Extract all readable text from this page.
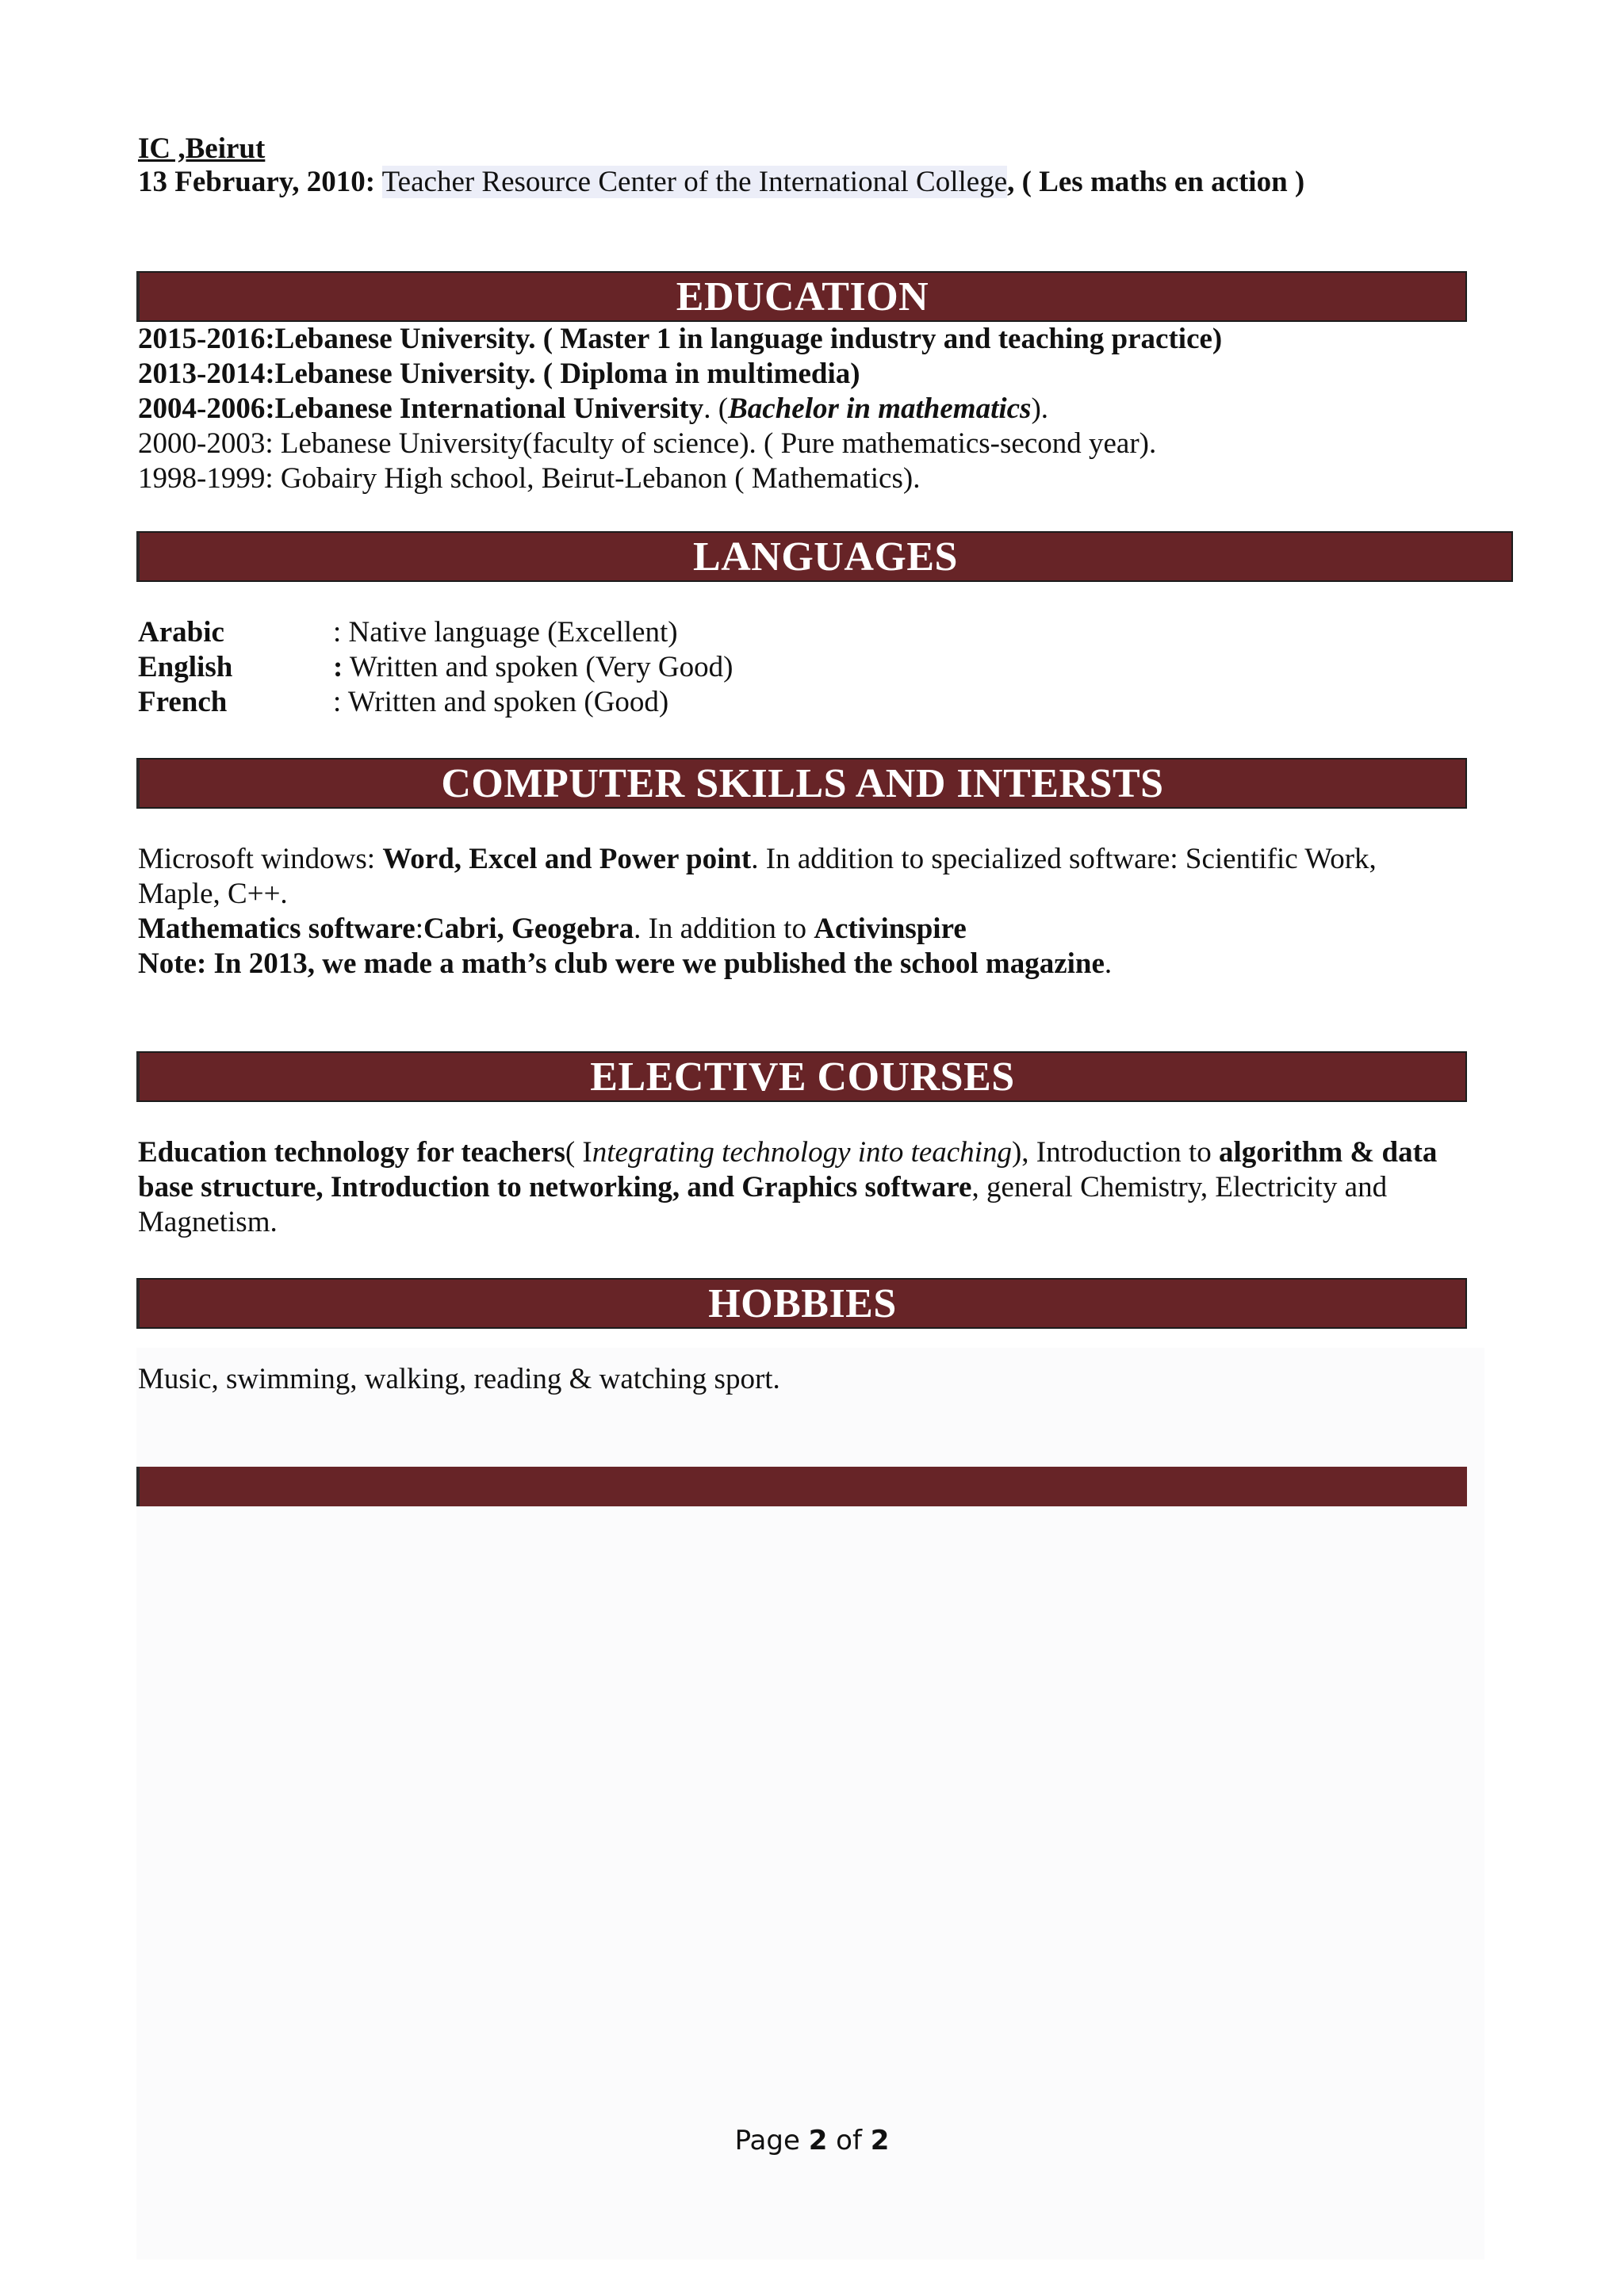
IC ,Beirut
13 February, 2010: Teacher Resource Center of the International College, ( Les maths en action )
EDUCATION
2015-2016:Lebanese University. ( Master 1 in language industry and teaching practice)
2013-2014:Lebanese University. ( Diploma in multimedia)
2004-2006:Lebanese International University. (Bachelor in mathematics).
2000-2003: Lebanese University(faculty of science). ( Pure mathematics-second year).
1998-1999: Gobairy High school, Beirut-Lebanon ( Mathematics).
LANGUAGES
Arabic	: Native language (Excellent)
English	: Written and spoken (Very Good)
French	: Written and spoken (Good)
COMPUTER SKILLS AND INTERSTS
Microsoft windows: Word, Excel and Power point. In addition to specialized software: Scientific Work,
Maple, C++.
Mathematics software:Cabri, Geogebra. In addition to Activinspire
Note: In 2013, we made a math’s club were we published the school magazine.
ELECTIVE COURSES
Education technology for teachers( Integrating technology into teaching), Introduction to algorithm & data
base structure, Introduction to networking, and Graphics software, general Chemistry, Electricity and
Magnetism.
HOBBIES
Music, swimming, walking, reading & watching sport.
Page 2 of 2
